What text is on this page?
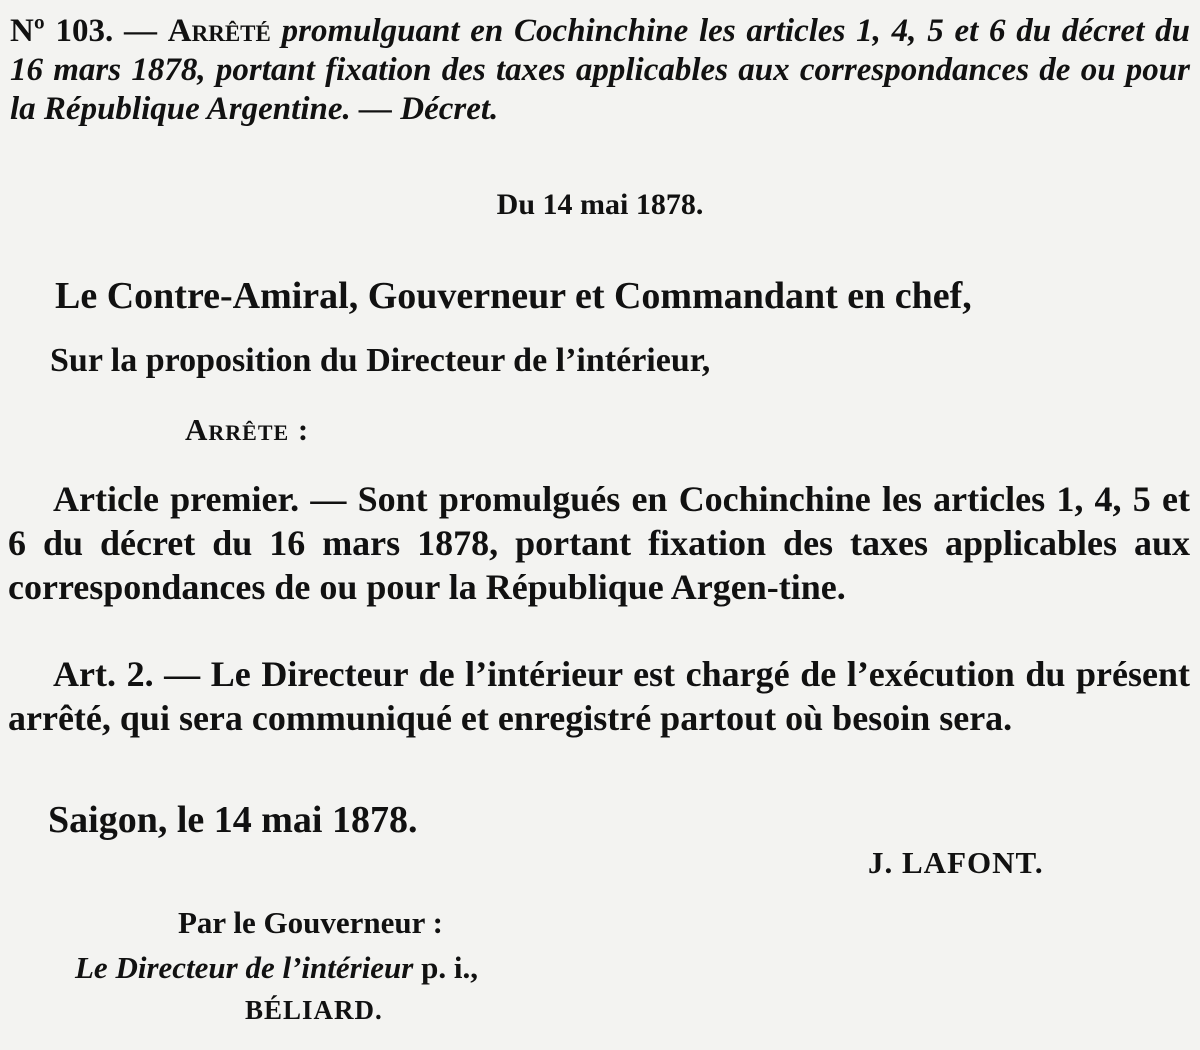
Nº 103. — Arrêté promulguant en Cochinchine les articles 1, 4, 5 et 6 du décret du 16 mars 1878, portant fixation des taxes applicables aux correspondances de ou pour la République Argentine. — Décret.
Du 14 mai 1878.
Le Contre-Amiral, Gouverneur et Commandant en chef,
Sur la proposition du Directeur de l’intérieur,
Arrête :
Article premier. — Sont promulgués en Cochinchine les articles 1, 4, 5 et 6 du décret du 16 mars 1878, portant fixation des taxes applicables aux correspondances de ou pour la République Argen-tine.
Art. 2. — Le Directeur de l’intérieur est chargé de l’exécution du présent arrêté, qui sera communiqué et enregistré partout où besoin sera.
Saigon, le 14 mai 1878.
J. LAFONT.
Par le Gouverneur :
Le Directeur de l’intérieur p. i.,
BÉLIARD.
